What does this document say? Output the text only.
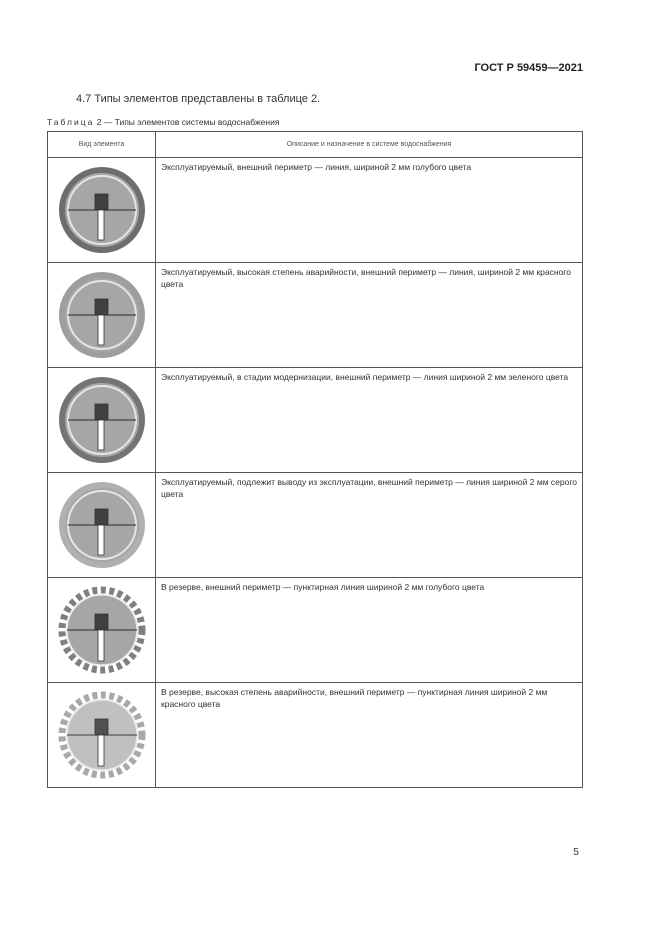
ГОСТ Р 59459—2021
4.7 Типы элементов представлены в таблице 2.
Таблица 2 — Типы элементов системы водоснабжения
Вид элемента	Описание и назначение в системе водоснабжения

	Эксплуатируемый, внешний периметр — линия, шириной 2 мм голубого цвета

	Эксплуатируемый, высокая степень аварийности, внешний периметр — линия, шириной 2 мм красного цвета

	Эксплуатируемый, в стадии модернизации, внешний периметр — линия шириной 2 мм зеленого цвета

	Эксплуатируемый, подлежит выводу из эксплуатации, внешний периметр — линия шириной 2 мм серого цвета

	В резерве, внешний периметр — пунктирная линия шириной 2 мм голубого цвета

	В резерве, высокая степень аварийности, внешний периметр — пунктирная линия шириной 2 мм красного цвета
5
